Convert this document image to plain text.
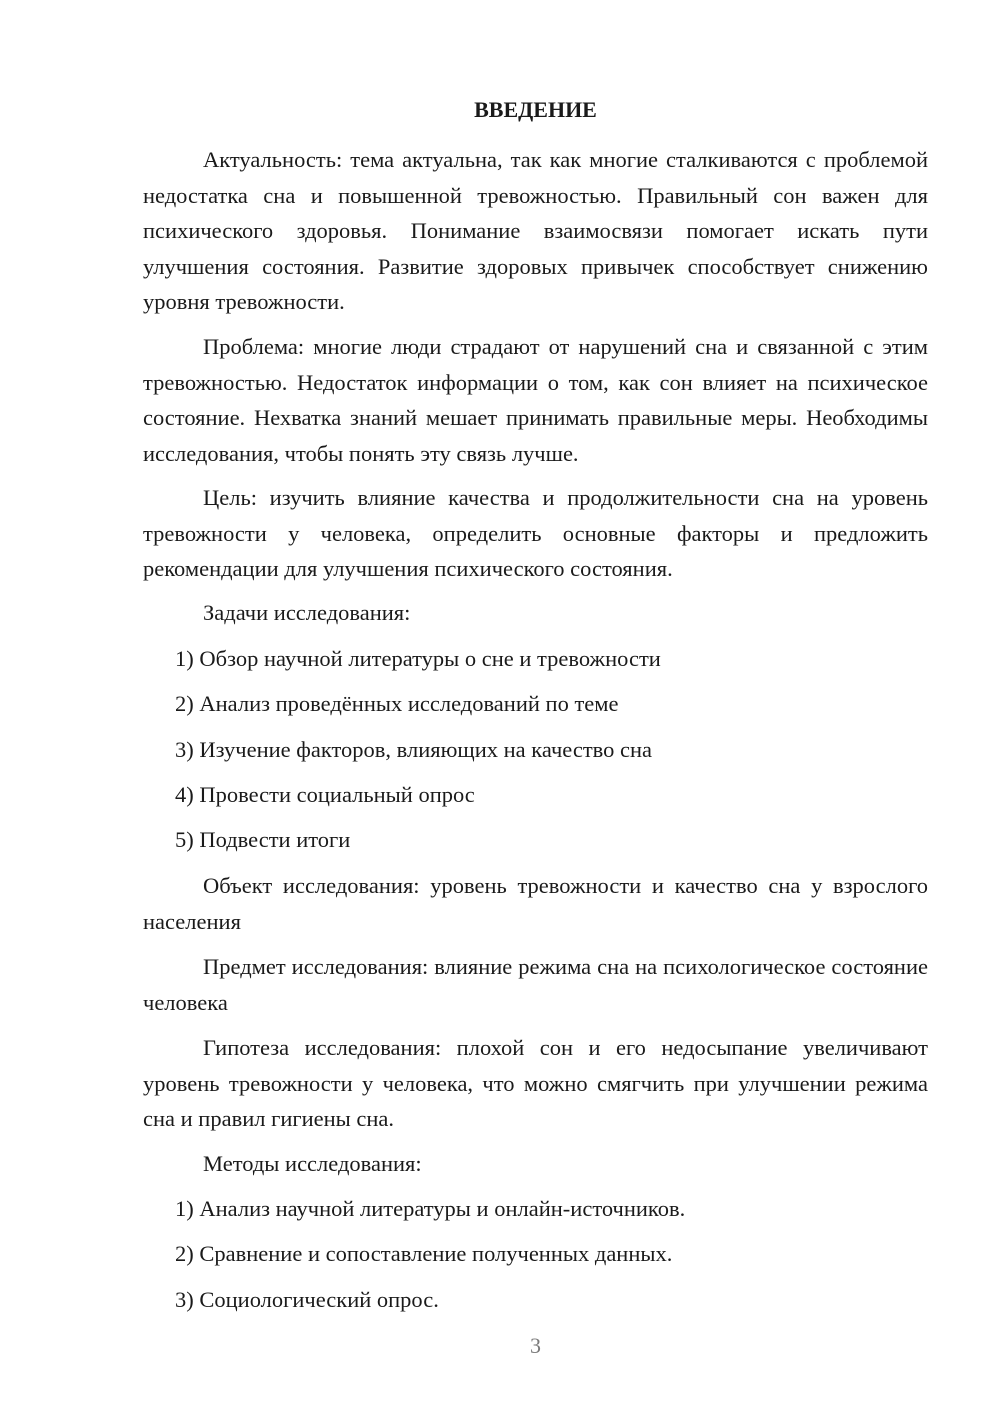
ВВЕДЕНИЕ

Актуальность: тема актуальна, так как многие сталкиваются с проблемой недостатка сна и повышенной тревожностью. Правильный сон важен для психического здоровья. Понимание взаимосвязи помогает искать пути улучшения состояния. Развитие здоровых привычек способствует снижению уровня тревожности.

Проблема: многие люди страдают от нарушений сна и связанной с этим тревожностью. Недостаток информации о том, как сон влияет на психическое состояние. Нехватка знаний мешает принимать правильные меры. Необходимы исследования, чтобы понять эту связь лучше.

Цель: изучить влияние качества и продолжительности сна на уровень тревожности у человека, определить основные факторы и предложить рекомендации для улучшения психического состояния.

Задачи исследования:

1) Обзор научной литературы о сне и тревожности

2) Анализ проведённых исследований по теме

3) Изучение факторов, влияющих на качество сна

4) Провести социальный опрос

5) Подвести итоги

Объект исследования: уровень тревожности и качество сна у взрослого населения

Предмет исследования: влияние режима сна на психологическое состояние человека

Гипотеза исследования: плохой сон и его недосыпание увеличивают уровень тревожности у человека, что можно смягчить при улучшении режима сна и правил гигиены сна.

Методы исследования:

1) Анализ научной литературы и онлайн-источников.

2) Сравнение и сопоставление полученных данных.

3) Социологический опрос.

3
